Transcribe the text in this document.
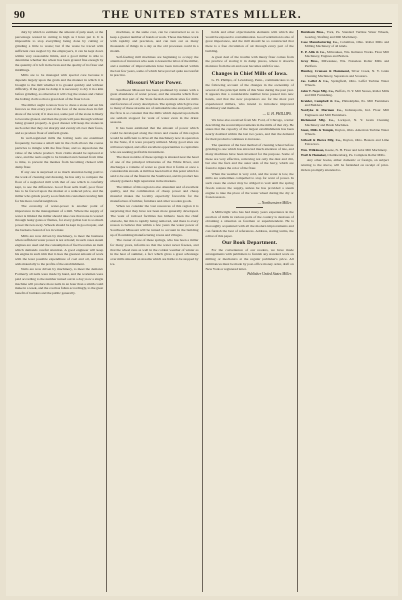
90	THE UNITED STATES MILLER.

duty by which to estimate the amount of pulp used, or the percentage wasted in cutting is high as I have put it. It is impossible to stop everything being done by cutting or grinding a little to waste; but if the waste be traced with sufficient care neglect by the employee's, it can be kept down within very reasonable limits, and a good miller is able to determine whether the wheat has been ground fine enough by the quantity of it left in the bran and the quality of its flour and middlings.

Mills are to be managed with special care because it depends largely upon the grain and the manner in which it is brought to the mill whether it is ground quickly and without difficulty. If the grain be damp it is necessary to dry it in a kiln before grinding, as otherwise it will clog the stones and clutter the bolting cloth so that a great deal of the flour is lost.

The miller ought to know how to dress a stone and set his furrows so that every part of the face of the stone does its full share of the work; if it does not, some part of the stone is likely to become glazed, and then the grain will pass through without being ground properly. A good dresser will keep the stones in such order that they cut sharply and evenly all over their faces, and so produce flour of uniform grade.

In well-regulated mills the bolting reels are examined frequently, because a small rent in the cloth allows the coarse particles to mingle with the fine flour, and so depreciates the value of the whole product. Torn cloths should be replaced at once, and the reels ought to be brushed and cleaned from time to time, to prevent the meshes from becoming choked with damp flour.

If any one is surprised at so much attention being paid to the work of cleaning and dressing, he has only to compare the flour of a neglected mill with that of one which is carefully kept, to see the difference. Good flour sells itself, poor flour has to be forced upon the market at a reduced price, and the miller who grinds poorly soon finds his customers leaving him for his more careful neighbors.

The economy of water-power is another point of importance in the management of a mill. Where the supply of water is limited the miller should take care that none is wasted through leaky gates or flumes, for every gallon lost is so much power thrown away. Wheels should be kept in good repair, and the buckets cleared of ice in winter.

Mills are now driven by machinery, to meet the business when sufficient water power is not at hand; in such cases steam engines are used and the consumption of fuel becomes an item which demands careful attention. A good engineer will keep his engine in such trim that it does the greatest amount of work with the least possible expenditure of coal and oil, and thus adds materially to the profits of the establishment.

Nails are now driven by machinery, to meet the demand. Formerly all nails were made by hand, and the workmen were paid according to the number turned out in a day; now a single machine will produce more nails in an hour than a smith could make in a week, and the cost has fallen accordingly, to the great benefit of builders and the public generally.

machines, at the same cost, can be constructed so as to keep a greater number of hands at work. Those machines work with rapidity and precision, and can turn out as many thousands of things in a day as the old processes could in a month.

Self-feeding mill machines are beginning to occupy the attention of inventors who seek to lessen the labor of the miller, and a number of improvements have been introduced within the last few years, some of which have proved quite successful in practice.

Missouri Water Power.

Southwest Missouri has been promised by nature with a great abundance of water power, and the streams which flow through that part of the State furnish excellent sites for mills and factories of every description. The springs which give rise to many of these streams are of remarkable size and purity, and the flow is so constant that the mills which depend upon them are seldom stopped for want of water even in the driest seasons.

It has been estimated that the amount of power which could be developed along the rivers and creeks of this region would be sufficient to drive all the machinery now in operation in the State, if it were properly utilized. Many good sites are still unoccupied, and offer excellent opportunities to capitalists who are seeking profitable investment.

The most notable of these springs is situated near the head of one of the principal tributaries of the White River, and discharges a volume of water so great that it forms at once a considerable stream. A mill has been built at this point which is said to be one of the finest in the Southwest, and its product has already gained a high reputation in the markets.

The timber of this region is also abundant and of excellent quality, and the combination of cheap power and cheap material makes the locality especially favorable for the manufacture of lumber, furniture and other wooden goods.

When we consider the vast resources of this region it is surprising that they have not been more generally developed. The want of railroad facilities has hitherto been the chief obstacle, but this is rapidly being removed, and there is every reason to believe that within a few years the water power of Southwest Missouri will be turned to account in the building up of flourishing manufacturing towns and villages.

The owner of one of these springs, who has been a miller for many years, informs us that the water never freezes, and that the wheel runs as well in the coldest weather of winter as in the heat of summer, a fact which gives a great advantage over mills situated on streams which are liable to be stopped by ice.

holds and other objectionable elements with which she would be exposed to contamination. Good ventilation is also of great importance, and the mill should be so constructed that there is a free circulation of air through every part of the building.

A great deal of the trouble with musty flour comes from the practice of storing it in damp places, where it absorbs moisture from the air and soon becomes unfit for use.

Changes in Chief Mills of Iowa.

G. H. Phillips, of Lewisburg, Penn., communicates to us the following account of the changes in the ownership of several of the principal mills of this State during the past year. It appears that a considerable number have passed into new hands, and that the new proprietors are for the most part experienced millers, who intend to introduce improved machinery and methods.

— G. H. PHILLIPS.

We have also received from Mr. Ford, of Chicago, a letter describing the recent improvements in the mills of that city. He states that the capacity of the largest establishments has been nearly doubled within the last two years, and that the demand for their products continues to increase.

The question of the best method of cleaning wheat before grinding is one which has attracted much attention of late, and many machines have been invented for the purpose. Some of these are very effective, removing not only the dust and dirt, but also the fuzz and the outer skin of the berry, which are found to injure the color of the flour.

When the weather is very cold, and the water is low, the mills are sometimes compelled to stop for want of power. In such cases the owner may be obliged to wait until the spring floods restore the supply, unless he has provided a steam engine to take the place of the water wheel during the dry or frozen season.

— Northwestern Miller.

A Millwright who has had many years experience in the erection of mills in various parts of the country is desirous of obtaining a situation as foreman or superintendent. He is thoroughly acquainted with all the modern improvements and can furnish the best of references. Address, stating terms, the editor of this paper.

Our Book Department.

For the convenience of our readers, we have made arrangements with publishers to furnish any standard work on milling or mechanics at the regular publisher's price. All remittances must be made by post-office money order, draft on New York or registered letter.

Publisher United States Miller.

Burnham Bros., York, Pa. Standard Turbine Water Wheels, Gearing, Shafting and Mill Machinery.

Case Manufacturing Co., Columbus, Ohio. Roller Mills and Milling Machinery of all kinds.

E. P. Allis & Co., Milwaukee, Wis. Reliance Works. Flour Mill Machinery, Engines and Boilers.

Gray Bros., Milwaukee, Wis. Noiseless Roller Mills and Purifiers.

Huntley, Cranson & Hammond, Silver Creek, N. Y. Grain Cleaning Machinery, Separators and Scourers.

Jas. Leffel & Co., Springfield, Ohio. Leffel Turbine Water Wheels.

John T. Noye Mfg. Co., Buffalo, N. Y. Mill Stones, Roller Mills and Mill Furnishing.

Kreider, Campbell & Co., Philadelphia, Pa. Mill Furnishers and Builders.

Nordyke & Marmon Co., Indianapolis, Ind. Flour Mill Engineers and Mill Furnishers.

Richmond Mfg. Co., Lockport, N. Y. Grain Cleaning Machinery and Brush Machines.

Stout, Mills & Temple, Dayton, Ohio. American Turbine Water Wheels.

Stilwell & Bierce Mfg. Co., Dayton, Ohio. Heaters and Lime Extractors.

Wm. Wilkinson, Keene, N. H. Flour and Grist Mill Machinery.

Wolf & Hamaker, Chambersburg, Pa. Complete Roller Mills.

Any other books, either domestic or foreign, on subject relating to the above, will be furnished on receipt of price. Orders promptly attended to.
